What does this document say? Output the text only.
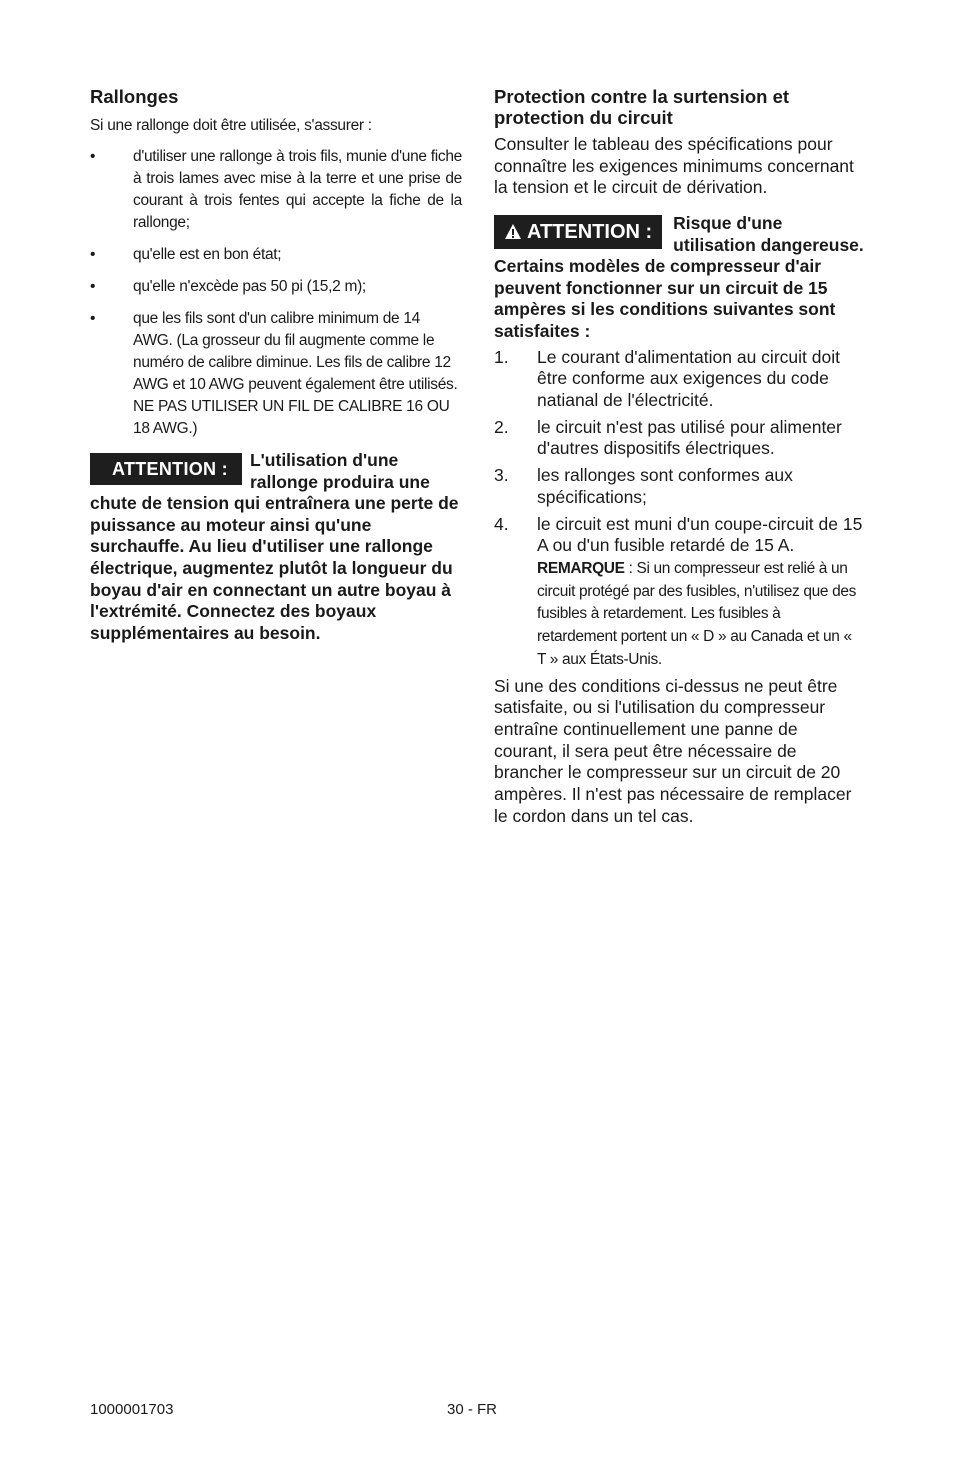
Rallonges

Si une rallonge doit être utilisée, s'assurer :

• d'utiliser une rallonge à trois fils, munie d'une fiche à trois lames avec mise à la terre et une prise de courant à trois fentes qui accepte la fiche de la rallonge;
• qu'elle est en bon état;
• qu'elle n'excède pas 50 pi (15,2 m);
• que les fils sont d'un calibre minimum de 14 AWG. (La grosseur du fil augmente comme le numéro de calibre diminue. Les fils de calibre 12 AWG et 10 AWG peuvent également être utilisés. NE PAS UTILISER UN FIL DE CALIBRE 16 OU 18 AWG.)
ATTENTION :	L'utilisation d'une rallonge produira une chute de tension qui entraînera une perte de puissance au moteur ainsi qu'une surchauffe. Au lieu d'utiliser une rallonge électrique, augmentez plutôt la longueur du boyau d'air en connectant un autre boyau à l'extrémité. Connectez des boyaux supplémentaires au besoin.
Protection contre la surtension et protection du circuit

Consulter le tableau des spécifications pour connaître les exigences minimums concernant la tension et le circuit de dérivation.

ATTENTION :	Risque d'une utilisation dangereuse. Certains modèles de compresseur d'air peuvent fonctionner sur un circuit de 15 ampères si les conditions suivantes sont satisfaites :
1. Le courant d'alimentation au circuit doit être conforme aux exigences du code natianal de l'électricité.
2. le circuit n'est pas utilisé pour alimenter d'autres dispositifs électriques.
3. les rallonges sont conformes aux spécifications;
4. le circuit est muni d'un coupe-circuit de 15 A ou d'un fusible retardé de 15 A. REMARQUE : Si un compresseur est relié à un circuit protégé par des fusibles, n'utilisez que des fusibles à retardement. Les fusibles à retardement portent un « D » au Canada et un « T » aux États-Unis.

Si une des conditions ci-dessus ne peut être satisfaite, ou si l'utilisation du compresseur entraîne continuellement une panne de courant, il sera peut être nécessaire de brancher le compresseur sur un circuit de 20 ampères. Il n'est pas nécessaire de remplacer le cordon dans un tel cas.

1000001703	30 - FR
